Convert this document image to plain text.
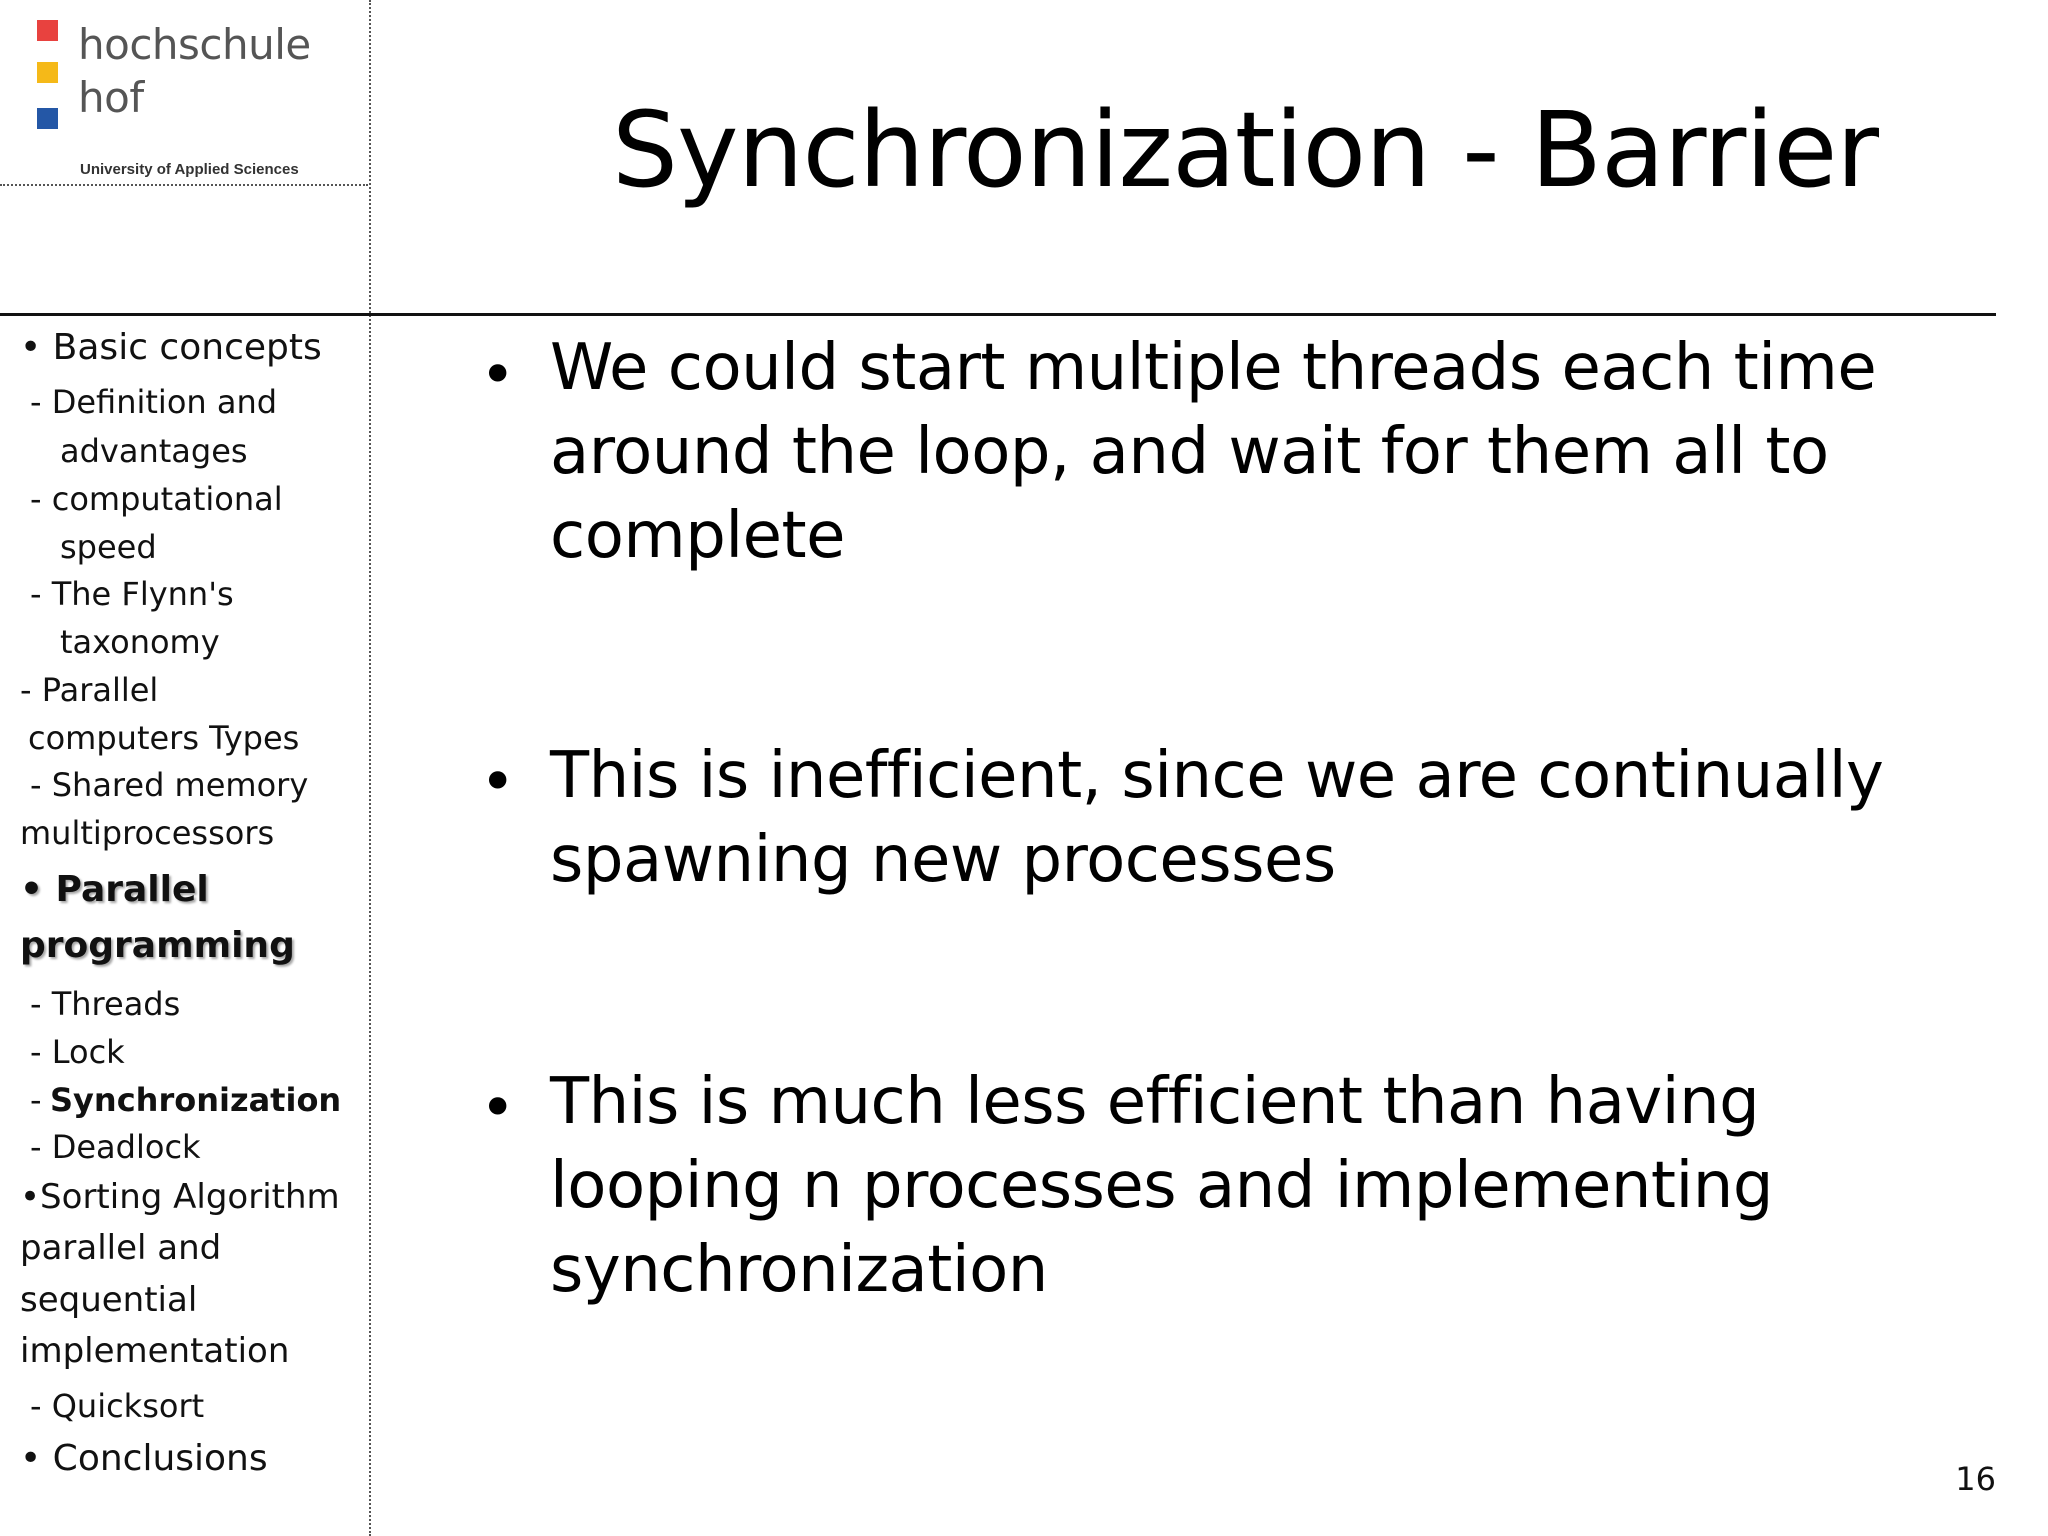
hochschule
hof
University of Applied Sciences	Synchronization - Barrier
• Basic concepts
- Definition and
advantages
- computational
speed
- The Flynn's
taxonomy
- Parallel
computers Types
- Shared memory
multiprocessors
• Parallel
programming
- Threads
- Lock
- Synchronization
- Deadlock
•Sorting Algorithm
parallel and
sequential
implementation
- Quicksort
• Conclusions
• We could start multiple threads each time around the loop, and wait for them all to complete
• This is inefficient, since we are continually spawning new processes
• This is much less efficient than having looping n processes and implementing synchronization
16
